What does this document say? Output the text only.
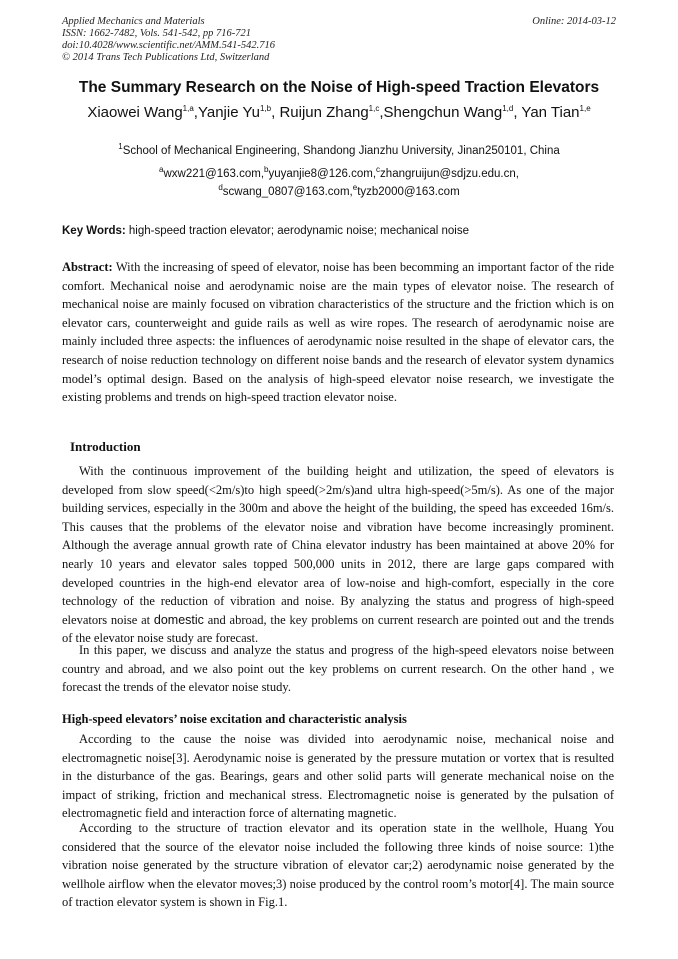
Applied Mechanics and Materials
ISSN: 1662-7482, Vols. 541-542, pp 716-721
doi:10.4028/www.scientific.net/AMM.541-542.716
© 2014 Trans Tech Publications Ltd, Switzerland
Online: 2014-03-12
The Summary Research on the Noise of High-speed Traction Elevators
Xiaowei Wang$^{1,a}$,Yanjie Yu$^{1,b}$, Ruijun Zhang$^{1,c}$,Shengchun Wang$^{1,d}$, Yan Tian$^{1,e}$
$^1$School of Mechanical Engineering, Shandong Jianzhu University, Jinan250101, China
$^a$wxw221@163.com,$^b$yuyanjie8@126.com,$^c$zhangruijun@sdjzu.edu.cn,
$^d$scwang_0807@163.com,$^e$tyzb2000@163.com
Key Words: high-speed traction elevator; aerodynamic noise; mechanical noise

Abstract: With the increasing of speed of elevator, noise has been becomming an important factor of the ride comfort. Mechanical noise and aerodynamic noise are the main types of elevator noise. The research of mechanical noise are mainly focused on vibration characteristics of the structure and the friction which is on elevator cars, counterweight and guide rails as well as wire ropes. The research of aerodynamic noise are mainly included three aspects: the influences of aerodynamic noise resulted in the shape of elevator cars, the research of noise reduction technology on different noise bands and the research of elevator system dynamics model’s optimal design. Based on the analysis of high-speed elevator noise research, we investigate the existing problems and trends on high-speed traction elevator noise.

Introduction

With the continuous improvement of the building height and utilization, the speed of elevators is developed from slow speed(<2m/s)to high speed(>2m/s)and ultra high-speed(>5m/s). As one of the major building services, especially in the 300m and above the height of the building, the speed has exceeded 16m/s. This causes that the problems of the elevator noise and vibration have become increasingly prominent. Although the average annual growth rate of China elevator industry has been maintained at above 20% for nearly 10 years and elevator sales topped 500,000 units in 2012, there are large gaps compared with developed countries in the high-end elevator area of low-noise and high-comfort, especially in the core technology of the reduction of vibration and noise. By analyzing the status and progress of high-speed elevators noise at domestic and abroad, the key problems on current research are pointed out and the trends of the elevator noise study are forecast.

In this paper, we discuss and analyze the status and progress of the high-speed elevators noise between country and abroad, and we also point out the key problems on current research. On the other hand , we forecast the trends of the elevator noise study.

High-speed elevators’ noise excitation and characteristic analysis

According to the cause the noise was divided into aerodynamic noise, mechanical noise and electromagnetic noise[3]. Aerodynamic noise is generated by the pressure mutation or vortex that is resulted in the disturbance of the gas. Bearings, gears and other solid parts will generate mechanical noise on the impact of striking, friction and mechanical stress. Electromagnetic noise is generated by the pulsation of electromagnetic field and interaction force of alternating magnetic.

According to the structure of traction elevator and its operation state in the wellhole, Huang You considered that the source of the elevator noise included the following three kinds of noise source: 1)the vibration noise generated by the structure vibration of elevator car;2) aerodynamic noise generated by the wellhole airflow when the elevator moves;3) noise produced by the control room’s motor[4]. The main source of traction elevator system is shown in Fig.1.
